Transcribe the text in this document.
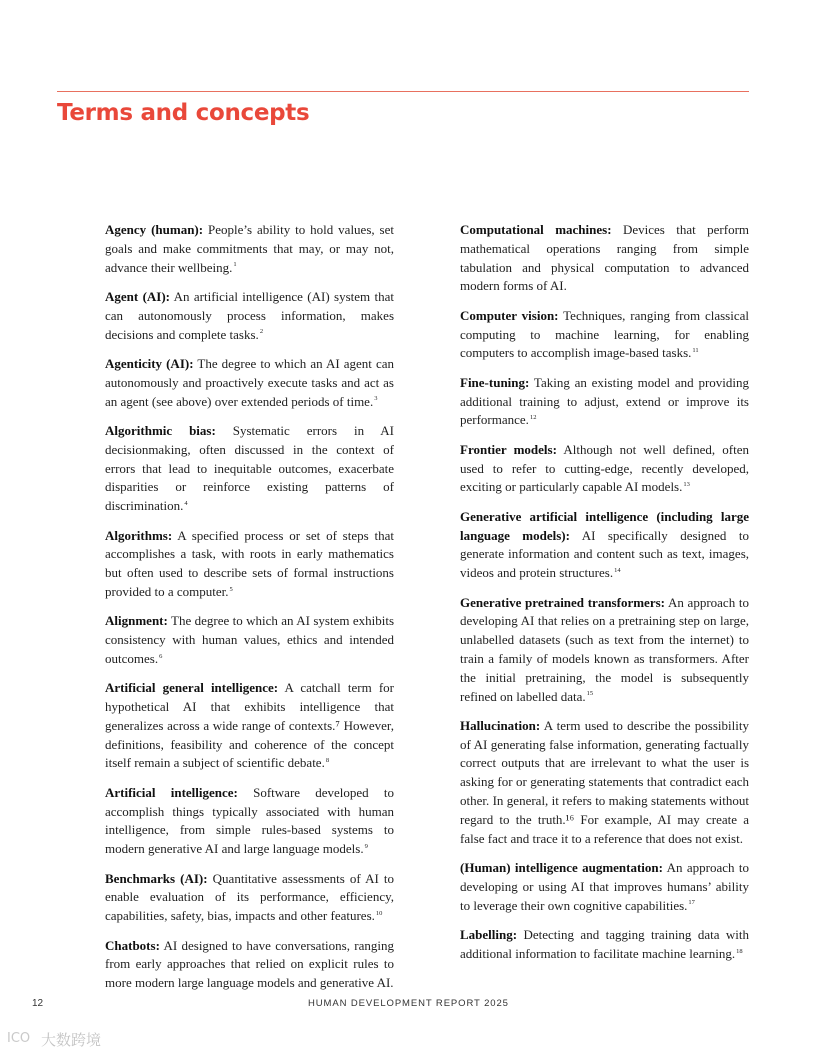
Terms and concepts

Agency (human): People’s ability to hold values, set goals and make commitments that may, or may not, advance their wellbeing.$^1$

Agent (AI): An artificial intelligence (AI) system that can autonomously process information, makes decisions and complete tasks.$^2$

Agenticity (AI): The degree to which an AI agent can autonomously and proactively execute tasks and act as an agent (see above) over extended periods of time.$^3$

Algorithmic bias: Systematic errors in AI decisionmaking, often discussed in the context of errors that lead to inequitable outcomes, exacerbate disparities or reinforce existing patterns of discrimination.$^4$

Algorithms: A specified process or set of steps that accomplishes a task, with roots in early mathematics but often used to describe sets of formal instructions provided to a computer.$^5$

Alignment: The degree to which an AI system exhibits consistency with human values, ethics and intended outcomes.$^6$

Artificial general intelligence: A catchall term for hypothetical AI that exhibits intelligence that generalizes across a wide range of contexts.⁷ However, definitions, feasibility and coherence of the concept itself remain a subject of scientific debate.$^8$

Artificial intelligence: Software developed to accomplish things typically associated with human intelligence, from simple rules-based systems to modern generative AI and large language models.$^9$

Benchmarks (AI): Quantitative assessments of AI to enable evaluation of its performance, efficiency, capabilities, safety, bias, impacts and other features.$^{10}$

Chatbots: AI designed to have conversations, ranging from early approaches that relied on explicit rules to more modern large language models and generative AI.

Computational machines: Devices that perform mathematical operations ranging from simple tabulation and physical computation to advanced modern forms of AI.

Computer vision: Techniques, ranging from classical computing to machine learning, for enabling computers to accomplish image-based tasks.$^{11}$

Fine-tuning: Taking an existing model and providing additional training to adjust, extend or improve its performance.$^{12}$

Frontier models: Although not well defined, often used to refer to cutting-edge, recently developed, exciting or particularly capable AI models.$^{13}$

Generative artificial intelligence (including large language models): AI specifically designed to generate information and content such as text, images, videos and protein structures.$^{14}$

Generative pretrained transformers: An approach to developing AI that relies on a pretraining step on large, unlabelled datasets (such as text from the internet) to train a family of models known as transformers. After the initial pretraining, the model is subsequently refined on labelled data.$^{15}$

Hallucination: A term used to describe the possibility of AI generating false information, generating factually correct outputs that are irrelevant to what the user is asking for or generating statements that contradict each other. In general, it refers to making statements without regard to the truth.¹⁶ For example, AI may create a false fact and trace it to a reference that does not exist.

(Human) intelligence augmentation: An approach to developing or using AI that improves humans’ ability to leverage their own cognitive capabilities.$^{17}$

Labelling: Detecting and tagging training data with additional information to facilitate machine learning.$^{18}$

12	HUMAN DEVELOPMENT REPORT 2025
ICO 大数跨境
